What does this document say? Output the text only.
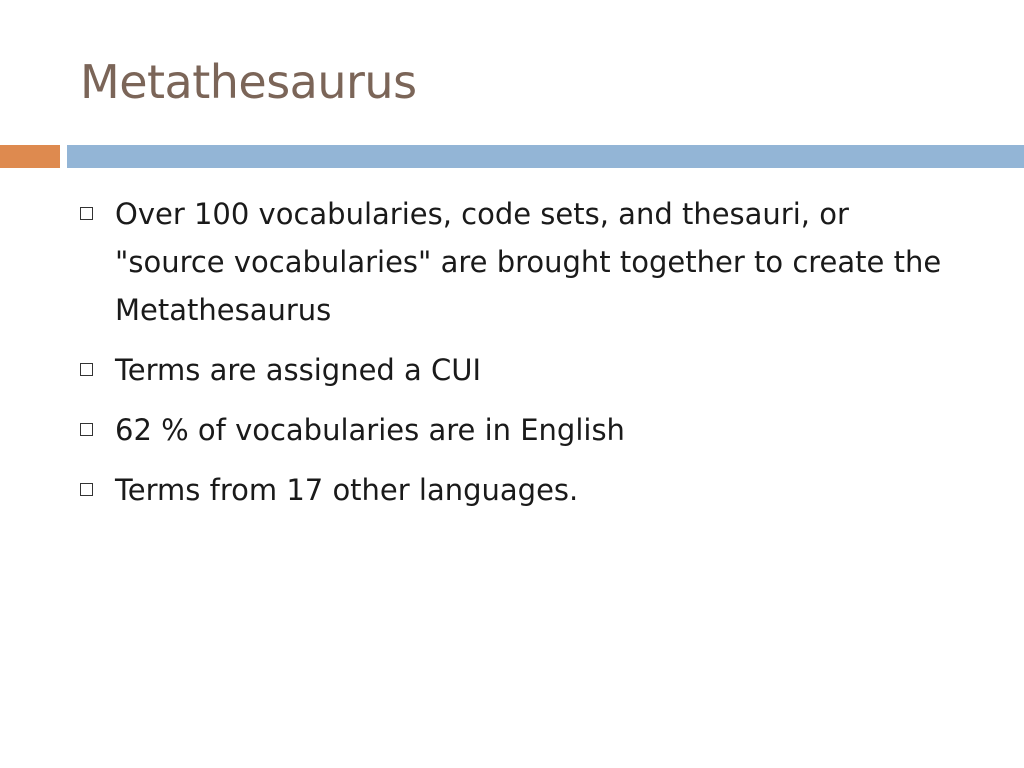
Metathesaurus
Over 100 vocabularies, code sets, and thesauri, or "source vocabularies" are brought together to create the Metathesaurus
Terms are assigned a CUI
62 % of vocabularies are in English
Terms from 17 other languages.
